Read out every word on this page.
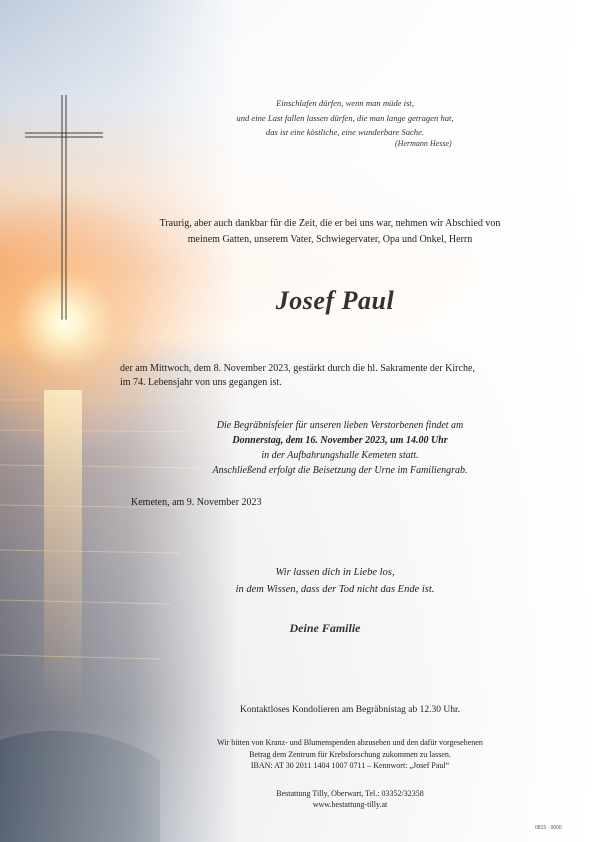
Einschlafen dürfen, wenn man müde ist,
und eine Last fallen lassen dürfen, die man lange getragen hat,
das ist eine köstliche, eine wunderbare Sache.
(Hermann Hesse)
Traurig, aber auch dankbar für die Zeit, die er bei uns war, nehmen wir Abschied von
meinem Gatten, unserem Vater, Schwiegervater, Opa und Onkel, Herrn
Josef Paul
der am Mittwoch, dem 8. November 2023, gestärkt durch die hl. Sakramente der Kirche,
im 74. Lebensjahr von uns gegangen ist.
Die Begräbnisfeier für unseren lieben Verstorbenen findet am
Donnerstag, dem 16. November 2023, um 14.00 Uhr
in der Aufbahrungshalle Kemeten statt.
Anschließend erfolgt die Beisetzung der Urne im Familiengrab.
Kemeten, am 9. November 2023
Wir lassen dich in Liebe los,
in dem Wissen, dass der Tod nicht das Ende ist.
Deine Familie
Kontaktloses Kondolieren am Begräbnistag ab 12.30 Uhr.
Wir bitten von Kranz- und Blumenspenden abzusehen und den dafür vorgesehenen
Betrag dem Zentrum für Krebsforschung zukommen zu lassen.
IBAN: AT 30 2011 1404 1007 0711 – Kennwort: „Josef Paul“
Bestattung Tilly, Oberwart, Tel.: 03352/32358
www.bestattung-tilly.at
0815 · 0000
